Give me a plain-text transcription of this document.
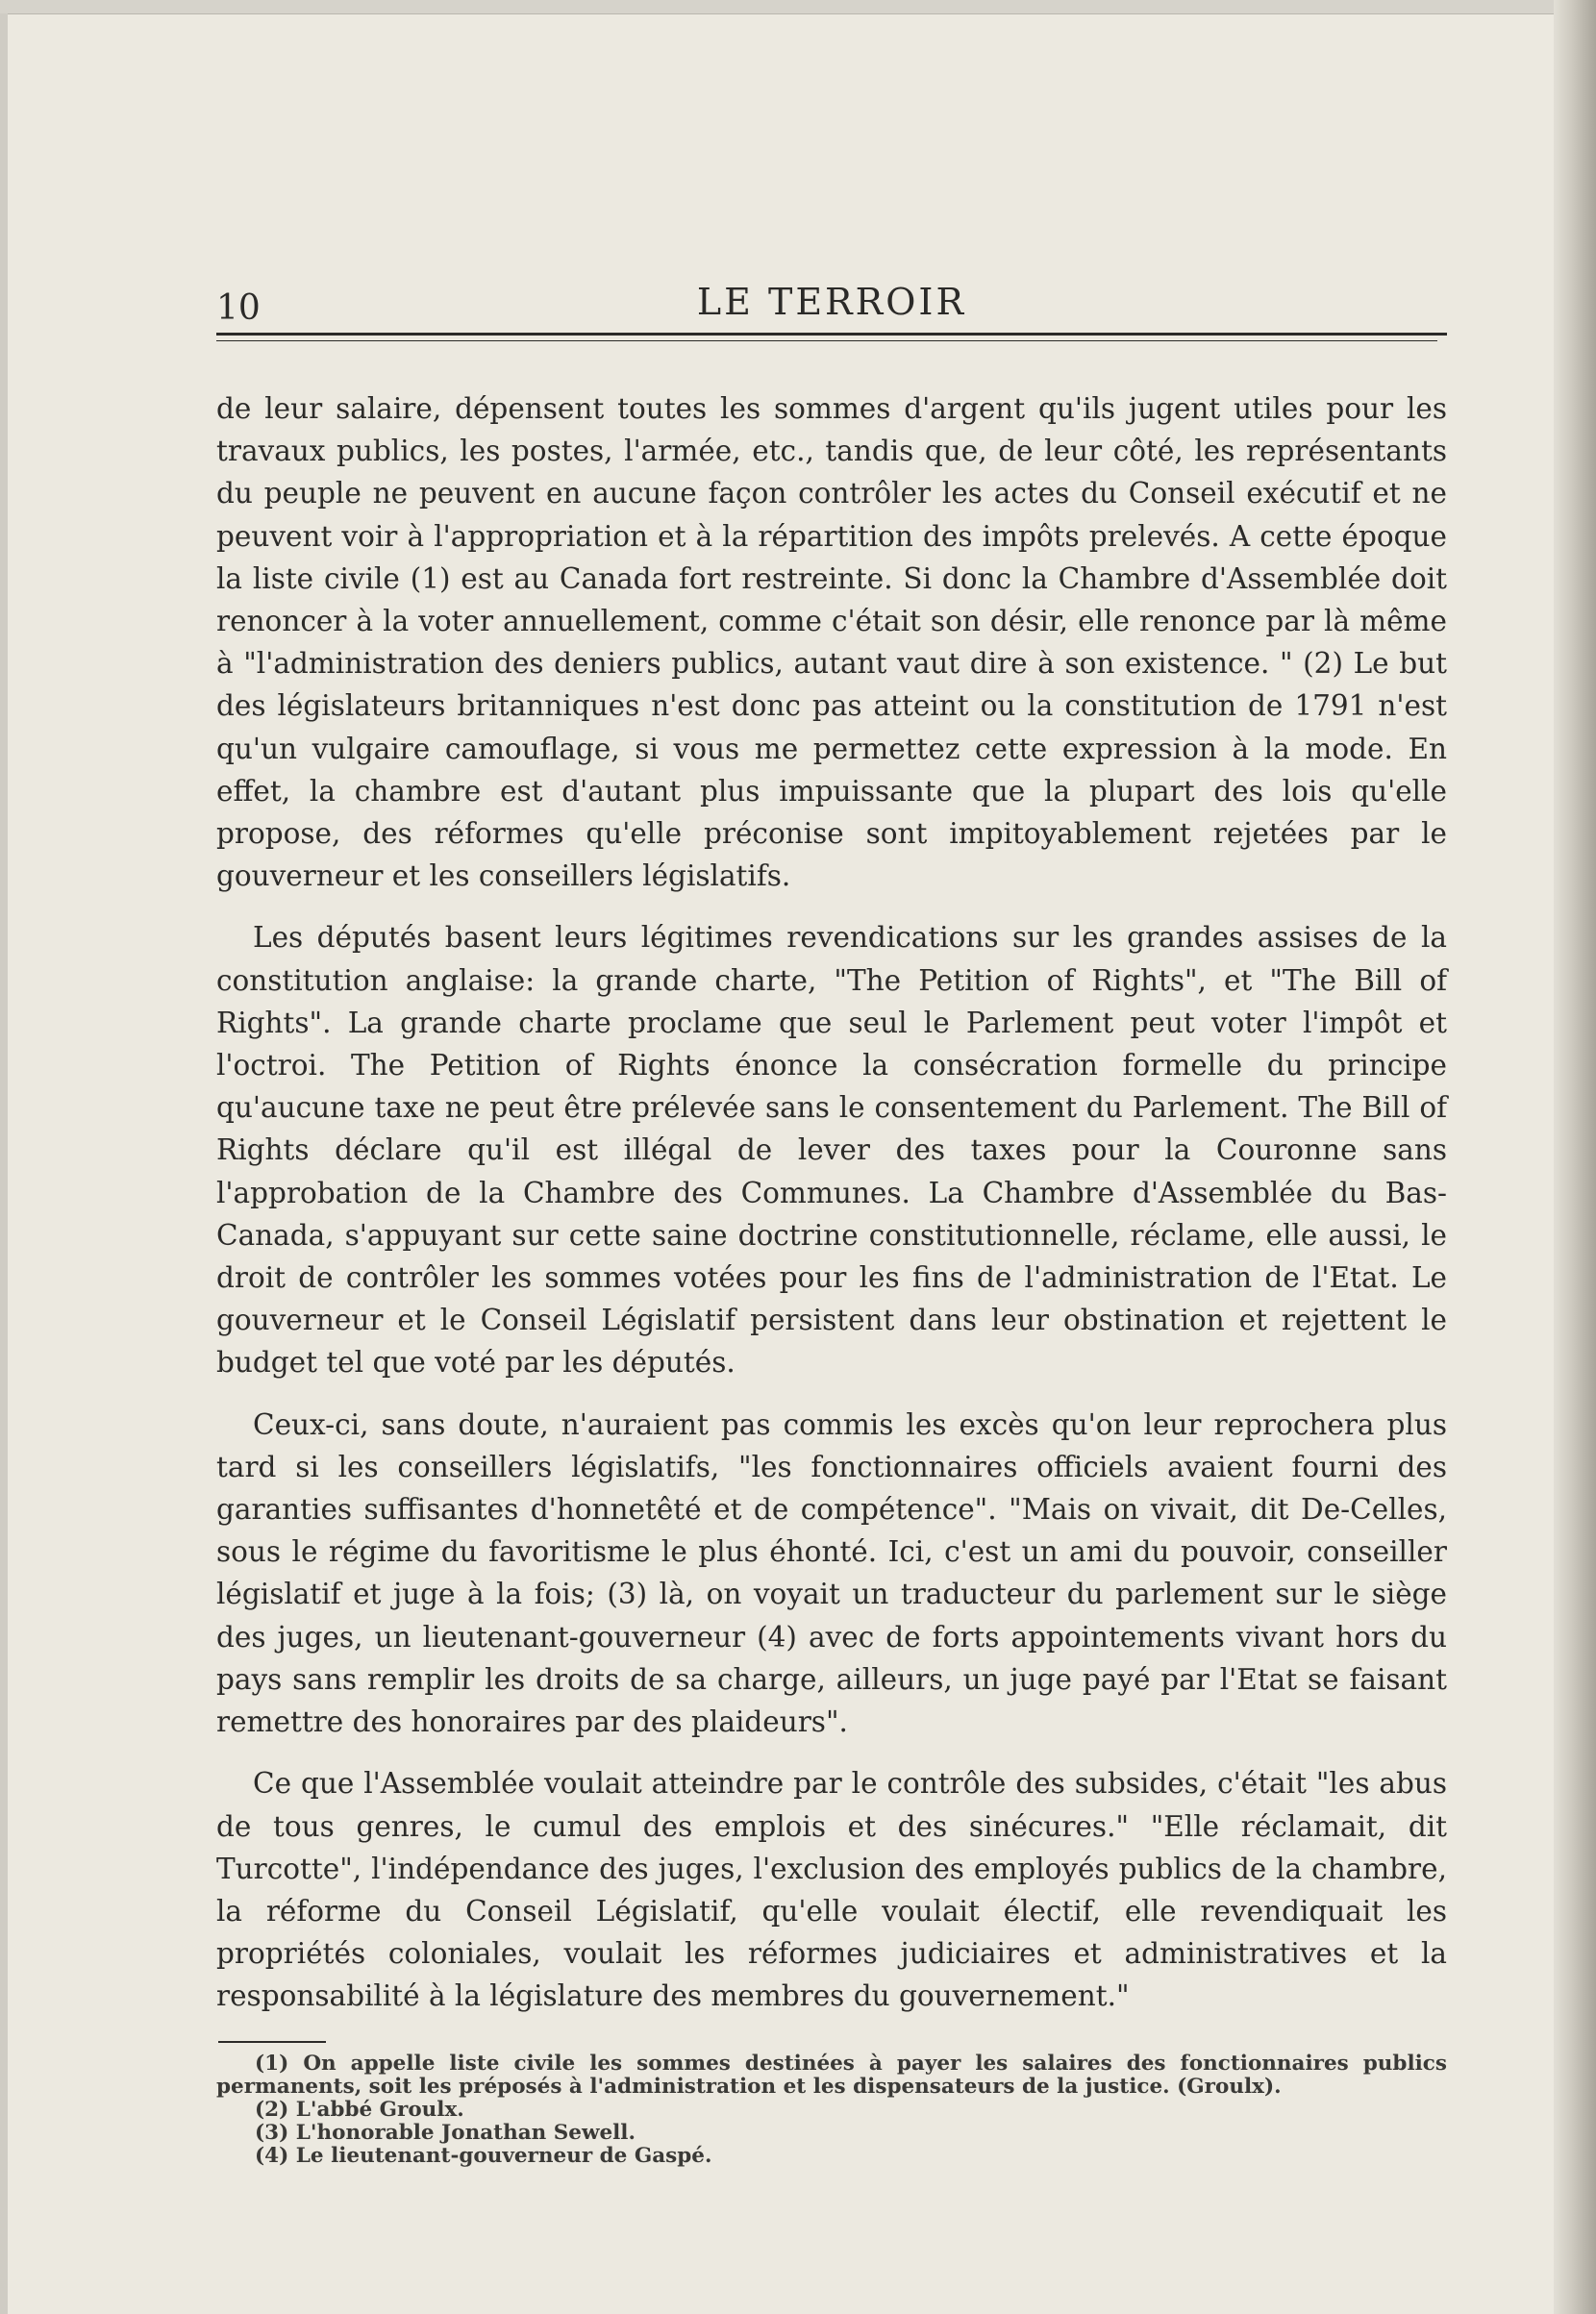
10	LE TERROIR

de leur salaire, dépensent toutes les sommes d'argent qu'ils jugent utiles pour les travaux publics, les postes, l'armée, etc., tandis que, de leur côté, les représentants du peuple ne peuvent en aucune façon contrôler les actes du Conseil exécutif et ne peuvent voir à l'appropriation et à la répartition des impôts prelevés. A cette époque la liste civile (1) est au Canada fort restreinte. Si donc la Chambre d'Assemblée doit renoncer à la voter annuellement, comme c'était son désir, elle renonce par là même à "l'administration des deniers publics, autant vaut dire à son existence. " (2) Le but des législateurs britanniques n'est donc pas atteint ou la constitution de 1791 n'est qu'un vulgaire camouflage, si vous me permettez cette expression à la mode. En effet, la chambre est d'autant plus impuissante que la plupart des lois qu'elle propose, des réformes qu'elle préconise sont impitoyablement rejetées par le gouverneur et les conseillers législatifs.

Les députés basent leurs légitimes revendications sur les grandes assises de la constitution anglaise: la grande charte, "The Petition of Rights", et "The Bill of Rights". La grande charte proclame que seul le Parlement peut voter l'impôt et l'octroi. The Petition of Rights énonce la consécration formelle du principe qu'aucune taxe ne peut être prélevée sans le consentement du Parlement. The Bill of Rights déclare qu'il est illégal de lever des taxes pour la Couronne sans l'approbation de la Chambre des Communes. La Chambre d'Assemblée du Bas-Canada, s'appuyant sur cette saine doctrine constitutionnelle, réclame, elle aussi, le droit de contrôler les sommes votées pour les fins de l'administration de l'Etat. Le gouverneur et le Conseil Législatif persistent dans leur obstination et rejettent le budget tel que voté par les députés.

Ceux-ci, sans doute, n'auraient pas commis les excès qu'on leur reprochera plus tard si les conseillers législatifs, "les fonctionnaires officiels avaient fourni des garanties suffisantes d'honnetêté et de compétence". "Mais on vivait, dit De-Celles, sous le régime du favoritisme le plus éhonté. Ici, c'est un ami du pouvoir, conseiller législatif et juge à la fois; (3) là, on voyait un traducteur du parlement sur le siège des juges, un lieutenant-gouverneur (4) avec de forts appointements vivant hors du pays sans remplir les droits de sa charge, ailleurs, un juge payé par l'Etat se faisant remettre des honoraires par des plaideurs".

Ce que l'Assemblée voulait atteindre par le contrôle des subsides, c'était "les abus de tous genres, le cumul des emplois et des sinécures." "Elle réclamait, dit Turcotte", l'indépendance des juges, l'exclusion des employés publics de la chambre, la réforme du Conseil Législatif, qu'elle voulait électif, elle revendiquait les propriétés coloniales, voulait les réformes judiciaires et administratives et la responsabilité à la législature des membres du gouvernement."

(1) On appelle liste civile les sommes destinées à payer les salaires des fonctionnaires publics permanents, soit les préposés à l'administration et les dispensateurs de la justice. (Groulx).

(2) L'abbé Groulx.

(3) L'honorable Jonathan Sewell.

(4) Le lieutenant-gouverneur de Gaspé.
